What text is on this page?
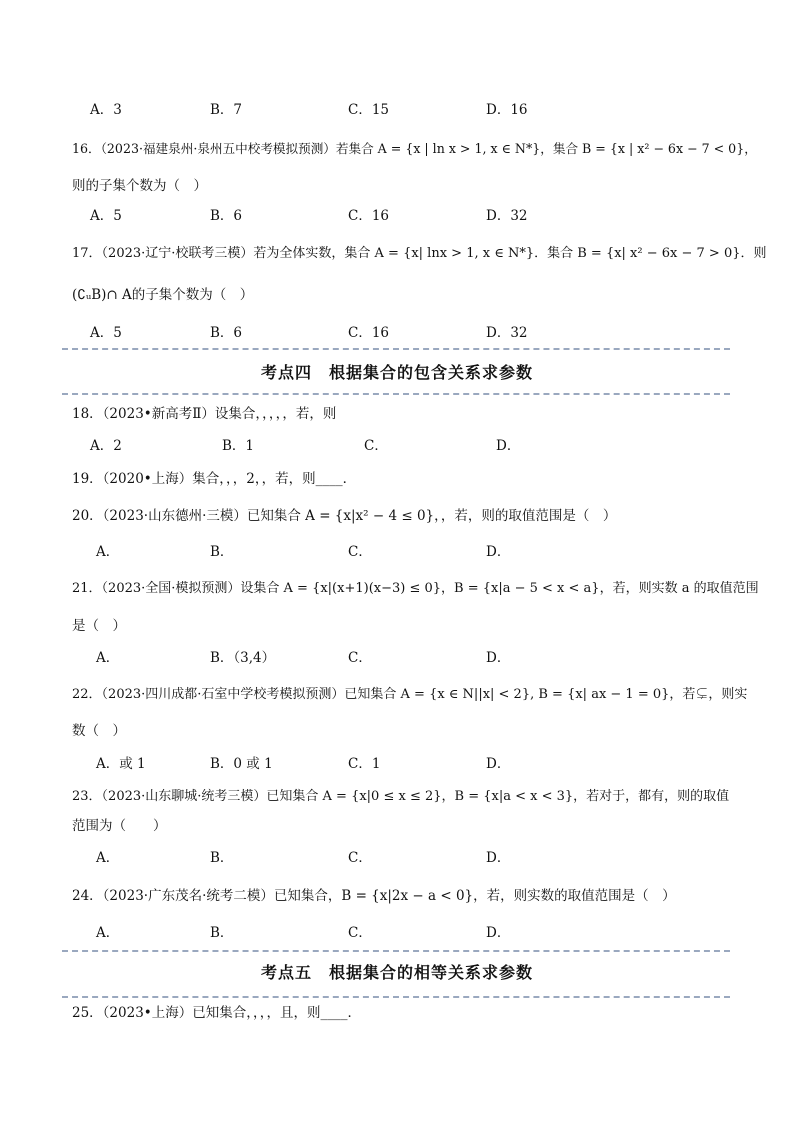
A．3	B．7	C．15	D．16
16．（2023·福建泉州·泉州五中校考模拟预测）若集合 A = {x | ln x > 1, x ∈ N*}，集合 B = {x | x² − 6x − 7 < 0}，
则的子集个数为（　）
A．5	B．6	C．16	D．32
17．（2023·辽宁·校联考三模）若为全体实数，集合 A = {x| lnx > 1, x ∈ N*}．集合 B = {x| x² − 6x − 7 > 0}．则
(∁ᵤB)∩ A的子集个数为（　）
A．5	B．6	C．16	D．32
考点四　根据集合的包含关系求参数
18．（2023•新高考Ⅱ）设集合，，，，，若，则
A．2	B．1	C．	D．
19．（2020•上海）集合，，，2，，若，则____．
20．（2023·山东德州·三模）已知集合 A = {x|x² − 4 ≤ 0}，，若，则的取值范围是（　）
A．	B．	C．	D．
21．（2023·全国·模拟预测）设集合 A = {x|(x+1)(x−3) ≤ 0}，B = {x|a − 5 < x < a}，若，则实数 a 的取值范围
是（　）
A．	B．（3,4）	C．	D．
22．（2023·四川成都·石室中学校考模拟预测）已知集合 A = {x ∈ N||x| < 2}, B = {x| ax − 1 = 0}，若⊊，则实
数（　）
A．或 1	B．0 或 1	C．1	D．
23．（2023·山东聊城·统考三模）已知集合 A = {x|0 ≤ x ≤ 2}，B = {x|a < x < 3}，若对于，都有，则的取值
范围为（　　）
A．	B．	C．	D．
24．（2023·广东茂名·统考二模）已知集合，B = {x|2x − a < 0}，若，则实数的取值范围是（　）
A．	B．	C．	D．
考点五　根据集合的相等关系求参数
25．（2023•上海）已知集合，，，，且，则____．
